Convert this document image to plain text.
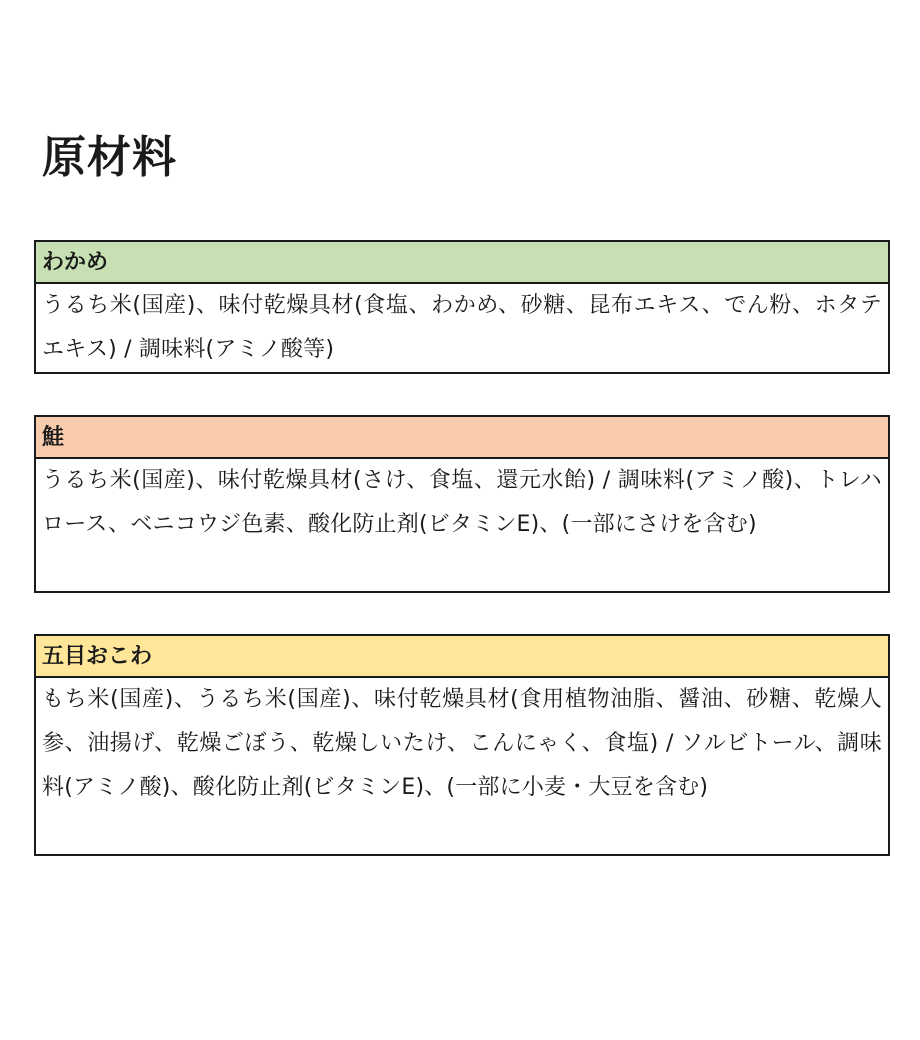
原材料
わかめ
うるち米(国産)、味付乾燥具材(食塩、わかめ、砂糖、昆布エキス、でん粉、ホタテエキス) / 調味料(アミノ酸等)
鮭
うるち米(国産)、味付乾燥具材(さけ、食塩、還元水飴) / 調味料(アミノ酸)、トレハロース、ベニコウジ色素、酸化防止剤(ビタミンE)、(一部にさけを含む)
五目おこわ
もち米(国産)、うるち米(国産)、味付乾燥具材(食用植物油脂、醤油、砂糖、乾燥人参、油揚げ、乾燥ごぼう、乾燥しいたけ、こんにゃく、食塩) / ソルビトール、調味料(アミノ酸)、酸化防止剤(ビタミンE)、(一部に小麦・大豆を含む)
